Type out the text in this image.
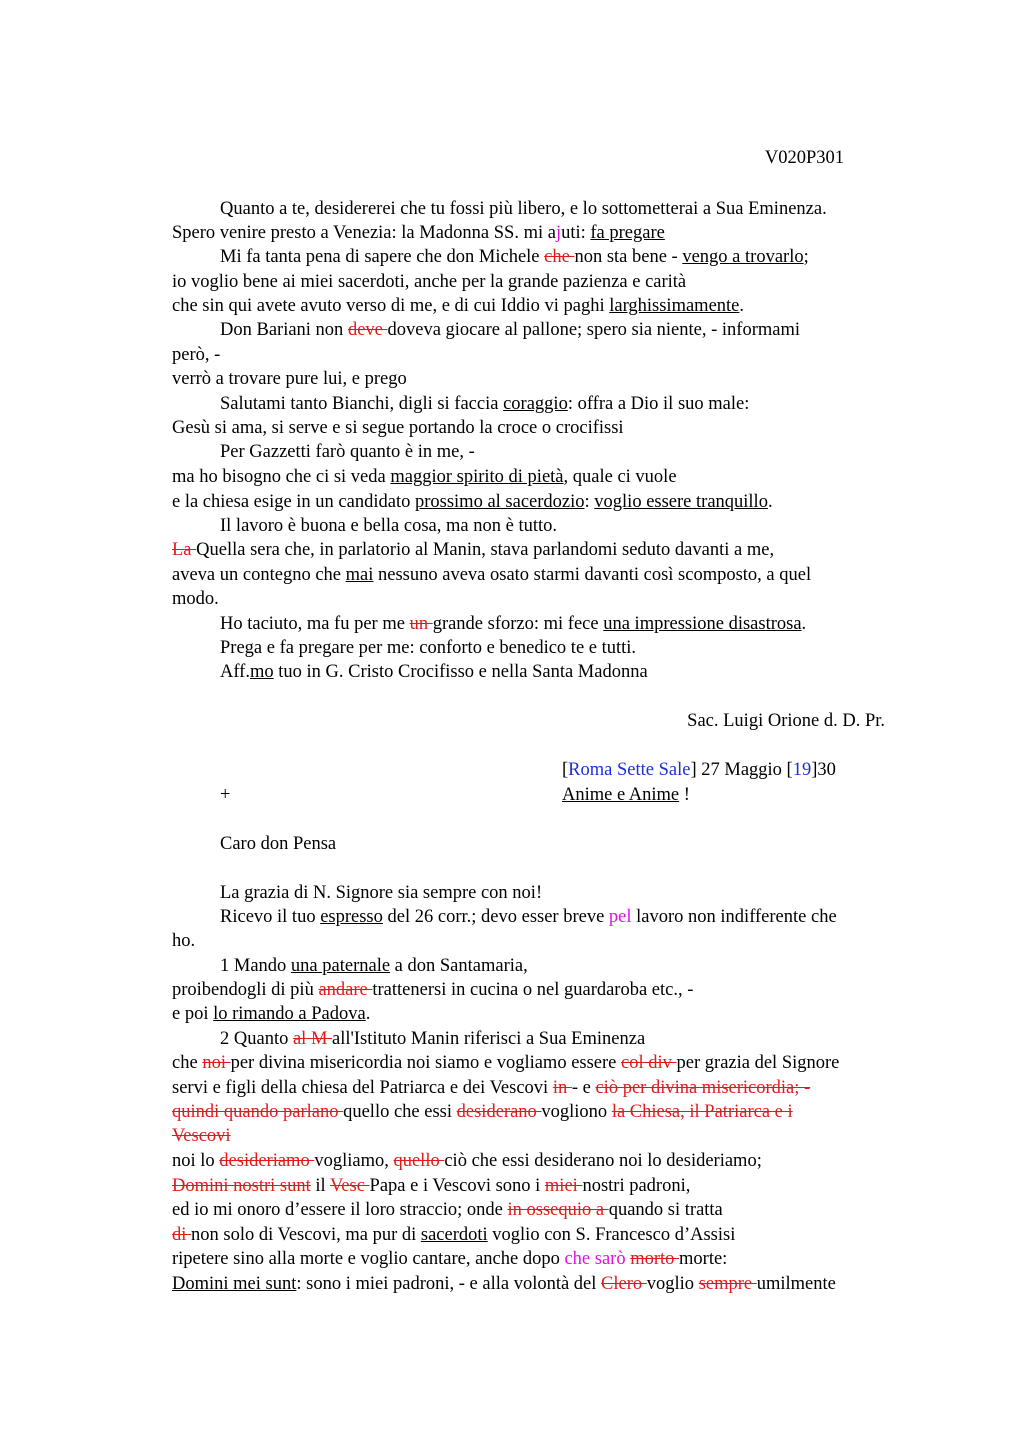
V020P301
Quanto a te, desidererei che tu fossi più libero, e lo sottometterai a Sua Eminenza.
Spero venire presto a Venezia: la Madonna SS. mi ajuti: fa pregare
Mi fa tanta pena di sapere che don Michele che non sta bene - vengo a trovarlo;
io voglio bene ai miei sacerdoti, anche per la grande pazienza e carità
che sin qui avete avuto verso di me, e di cui Iddio vi paghi larghissimamente.
Don Bariani non deve doveva giocare al pallone; spero sia niente, - informami
però, -
verrò a trovare pure lui, e prego
Salutami tanto Bianchi, digli si faccia coraggio: offra a Dio il suo male:
Gesù si ama, si serve e si segue portando la croce o crocifissi
Per Gazzetti farò quanto è in me, -
ma ho bisogno che ci si veda maggior spirito di pietà, quale ci vuole
e la chiesa esige in un candidato prossimo al sacerdozio: voglio essere tranquillo.
Il lavoro è buona e bella cosa, ma non è tutto.
La Quella sera che, in parlatorio al Manin, stava parlandomi seduto davanti a me,
aveva un contegno che mai nessuno aveva osato starmi davanti così scomposto, a quel
modo.
Ho taciuto, ma fu per me un grande sforzo: mi fece una impressione disastrosa.
Prega e fa pregare per me: conforto e benedico te e tutti.
Aff.mo tuo in G. Cristo Crocifisso e nella Santa Madonna
Sac. Luigi Orione d. D. Pr.
[Roma Sette Sale] 27 Maggio [19]30
+	Anime e Anime !
Caro don Pensa
La grazia di N. Signore sia sempre con noi!
Ricevo il tuo espresso del 26 corr.; devo esser breve pel lavoro non indifferente che
ho.
1 Mando una paternale a don Santamaria,
proibendogli di più andare trattenersi in cucina o nel guardaroba etc., -
e poi lo rimando a Padova.
2 Quanto al M all'Istituto Manin riferisci a Sua Eminenza
che noi per divina misericordia noi siamo e vogliamo essere col div per grazia del Signore
servi e figli della chiesa del Patriarca e dei Vescovi in - e ciò per divina misericordia; -
quindi quando parlano quello che essi desiderano vogliono la Chiesa, il Patriarca e i
Vescovi
noi lo desideriamo vogliamo, quello ciò che essi desiderano noi lo desideriamo;
Domini nostri sunt il Vesc Papa e i Vescovi sono i miei nostri padroni,
ed io mi onoro d’essere il loro straccio; onde in ossequio a quando si tratta
di non solo di Vescovi, ma pur di sacerdoti voglio con S. Francesco d’Assisi
ripetere sino alla morte e voglio cantare, anche dopo che sarò morto morte:
Domini mei sunt: sono i miei padroni, - e alla volontà del Clero voglio sempre umilmente
